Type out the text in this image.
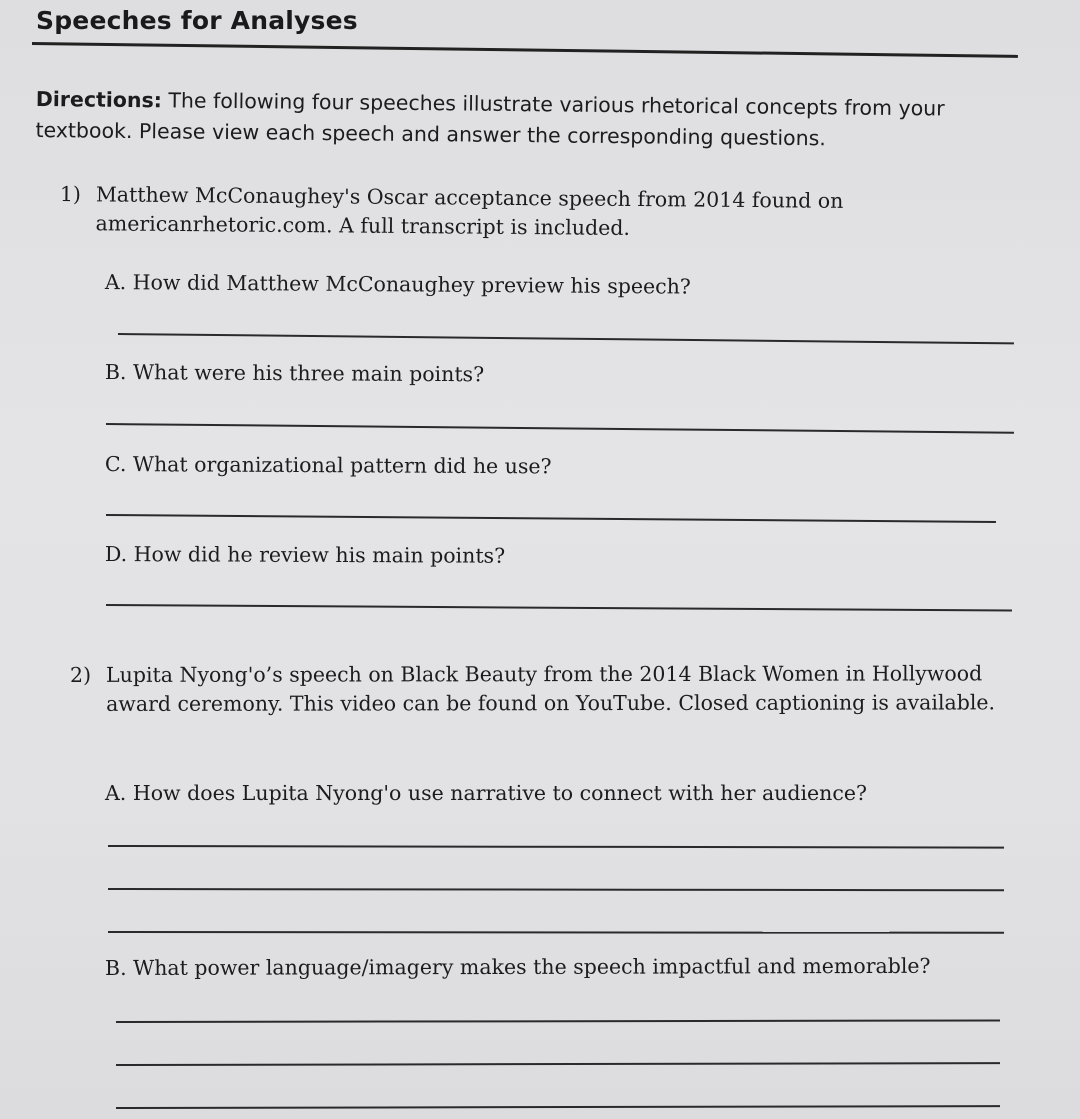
Speeches for Analyses
Directions: The following four speeches illustrate various rhetorical concepts from your textbook. Please view each speech and answer the corresponding questions.
1) Matthew McConaughey's Oscar acceptance speech from 2014 found on americanrhetoric.com. A full transcript is included.
A. How did Matthew McConaughey preview his speech?
B. What were his three main points?
C. What organizational pattern did he use?
D. How did he review his main points?
2) Lupita Nyong'o’s speech on Black Beauty from the 2014 Black Women in Hollywood award ceremony. This video can be found on YouTube. Closed captioning is available.
A. How does Lupita Nyong'o use narrative to connect with her audience?
B. What power language/imagery makes the speech impactful and memorable?
